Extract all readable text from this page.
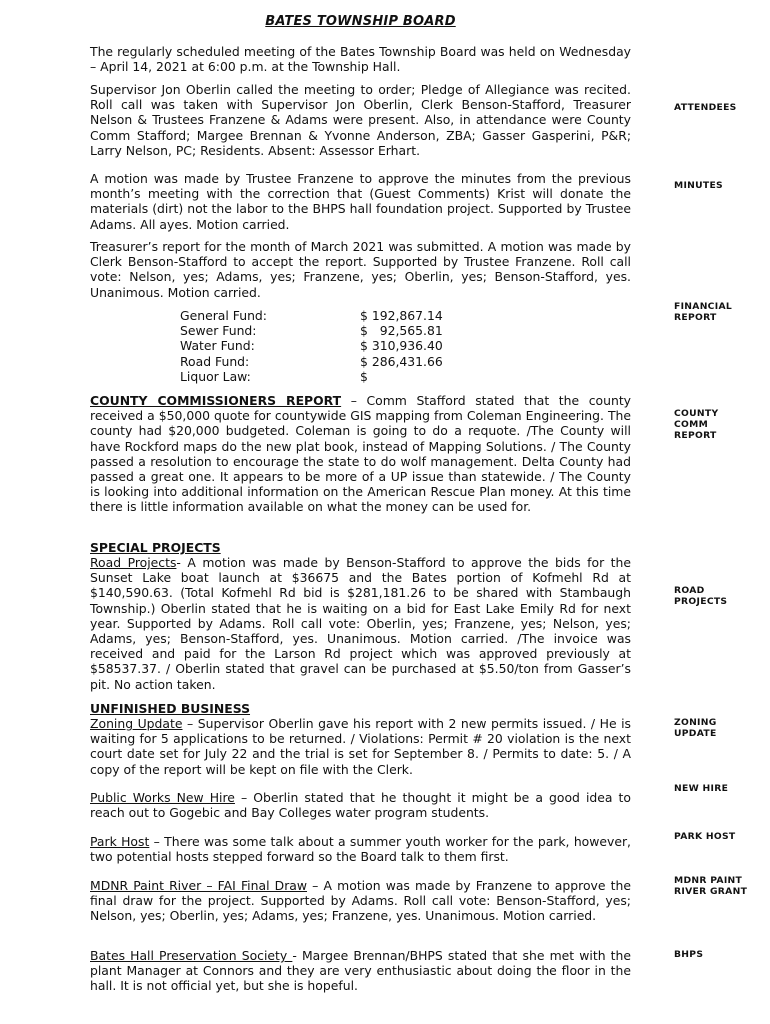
BATES TOWNSHIP BOARD

The regularly scheduled meeting of the Bates Township Board was held on Wednesday – April 14, 2021 at 6:00 p.m. at the Township Hall.

Supervisor Jon Oberlin called the meeting to order; Pledge of Allegiance was recited. Roll call was taken with Supervisor Jon Oberlin, Clerk Benson-Stafford, Treasurer Nelson & Trustees Franzene & Adams were present. Also, in attendance were County Comm Stafford; Margee Brennan & Yvonne Anderson, ZBA; Gasser Gasperini, P&R; Larry Nelson, PC; Residents. Absent: Assessor Erhart.

A motion was made by Trustee Franzene to approve the minutes from the previous month’s meeting with the correction that (Guest Comments) Krist will donate the materials (dirt) not the labor to the BHPS hall foundation project. Supported by Trustee Adams. All ayes. Motion carried.

Treasurer’s report for the month of March 2021 was submitted. A motion was made by Clerk Benson-Stafford to accept the report. Supported by Trustee Franzene. Roll call vote: Nelson, yes; Adams, yes; Franzene, yes; Oberlin, yes; Benson-Stafford, yes. Unanimous. Motion carried.

General Fund:	$ 192,867.14
Sewer Fund:	$   92,565.81
Water Fund:	$ 310,936.40
Road Fund:	$ 286,431.66
Liquor Law:	$

COUNTY COMMISSIONERS REPORT – Comm Stafford stated that the county received a $50,000 quote for countywide GIS mapping from Coleman Engineering. The county had $20,000 budgeted. Coleman is going to do a requote. /The County will have Rockford maps do the new plat book, instead of Mapping Solutions. / The County passed a resolution to encourage the state to do wolf management. Delta County had passed a great one. It appears to be more of a UP issue than statewide. / The County is looking into additional information on the American Rescue Plan money. At this time there is little information available on what the money can be used for.

SPECIAL PROJECTS

Road Projects- A motion was made by Benson-Stafford to approve the bids for the Sunset Lake boat launch at $36675 and the Bates portion of Kofmehl Rd at $140,590.63. (Total Kofmehl Rd bid is $281,181.26 to be shared with Stambaugh Township.) Oberlin stated that he is waiting on a bid for East Lake Emily Rd for next year. Supported by Adams. Roll call vote: Oberlin, yes; Franzene, yes; Nelson, yes; Adams, yes; Benson-Stafford, yes. Unanimous. Motion carried. /The invoice was received and paid for the Larson Rd project which was approved previously at $58537.37. / Oberlin stated that gravel can be purchased at $5.50/ton from Gasser’s pit. No action taken.

UNFINISHED BUSINESS

Zoning Update – Supervisor Oberlin gave his report with 2 new permits issued. / He is waiting for 5 applications to be returned. / Violations: Permit # 20 violation is the next court date set for July 22 and the trial is set for September 8. / Permits to date: 5. / A copy of the report will be kept on file with the Clerk.

Public Works New Hire – Oberlin stated that he thought it might be a good idea to reach out to Gogebic and Bay Colleges water program students.

Park Host – There was some talk about a summer youth worker for the park, however, two potential hosts stepped forward so the Board talk to them first.

MDNR Paint River – FAI Final Draw – A motion was made by Franzene to approve the final draw for the project. Supported by Adams. Roll call vote: Benson-Stafford, yes; Nelson, yes; Oberlin, yes; Adams, yes; Franzene, yes. Unanimous. Motion carried.

Bates Hall Preservation Society - Margee Brennan/BHPS stated that she met with the plant Manager at Connors and they are very enthusiastic about doing the floor in the hall. It is not official yet, but she is hopeful.

ATTENDEES
MINUTES
FINANCIAL REPORT
COUNTY COMM REPORT
ROAD PROJECTS
ZONING UPDATE
NEW HIRE
PARK HOST
MDNR PAINT RIVER GRANT
BHPS
